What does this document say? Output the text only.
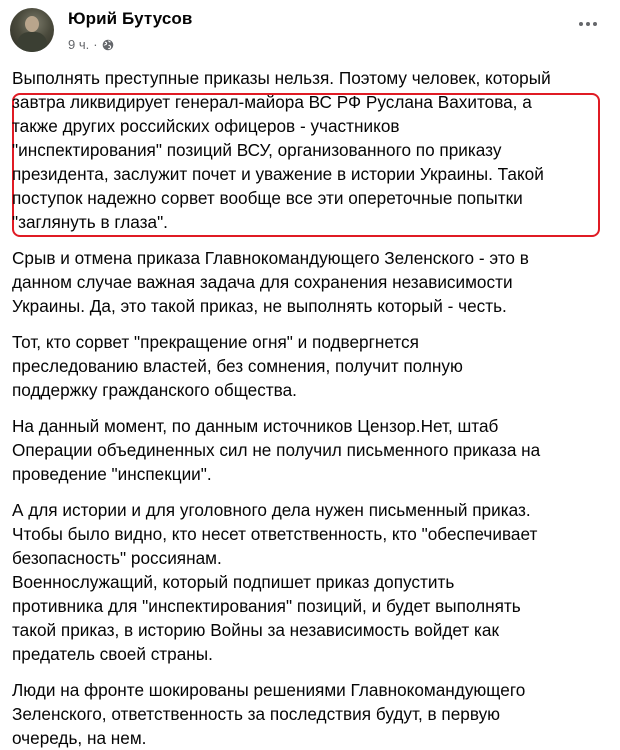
Юрий Бутусов
9 ч. ·

Выполнять преступные приказы нельзя. Поэтому человек, который
завтра ликвидирует генерал-майора ВС РФ Руслана Вахитова, а
также других российских офицеров - участников
"инспектирования" позиций ВСУ, организованного по приказу
президента, заслужит почет и уважение в истории Украины. Такой
поступок надежно сорвет вообще все эти опереточные попытки
"заглянуть в глаза".

Срыв и отмена приказа Главнокомандующего Зеленского - это в
данном случае важная задача для сохранения независимости
Украины. Да, это такой приказ, не выполнять который - честь.

Тот, кто сорвет "прекращение огня" и подвергнется
преследованию властей, без сомнения, получит полную
поддержку гражданского общества.

На данный момент, по данным источников Цензор.Нет, штаб
Операции объединенных сил не получил письменного приказа на
проведение "инспекции".

А для истории и для уголовного дела нужен письменный приказ.
Чтобы было видно, кто несет ответственность, кто "обеспечивает
безопасность" россиянам.
Военнослужащий, который подпишет приказ допустить
противника для "инспектирования" позиций, и будет выполнять
такой приказ, в историю Войны за независимость войдет как
предатель своей страны.

Люди на фронте шокированы решениями Главнокомандующего
Зеленского, ответственность за последствия будут, в первую
очередь, на нем.
